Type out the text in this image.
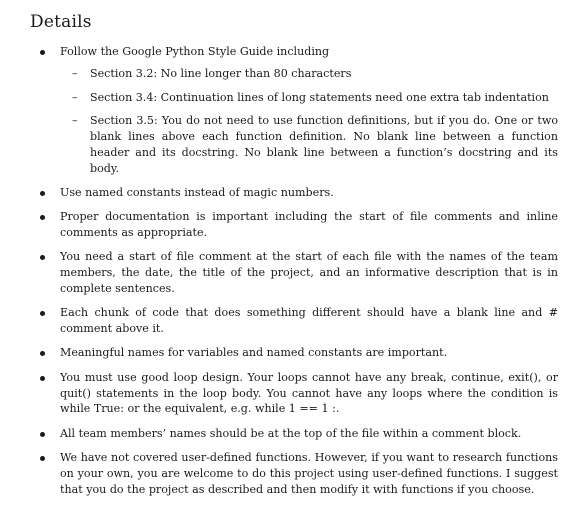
Details
Follow the Google Python Style Guide including
– Section 3.2: No line longer than 80 characters
– Section 3.4: Continuation lines of long statements need one extra tab indentation
– Section 3.5: You do not need to use function definitions, but if you do. One or two blank lines above each function definition. No blank line between a function header and its docstring. No blank line between a function’s docstring and its body.
Use named constants instead of magic numbers.
Proper documentation is important including the start of file comments and inline comments as appropriate.
You need a start of file comment at the start of each file with the names of the team members, the date, the title of the project, and an informative description that is in complete sentences.
Each chunk of code that does something different should have a blank line and # comment above it.
Meaningful names for variables and named constants are important.
You must use good loop design. Your loops cannot have any break, continue, exit(), or quit() statements in the loop body. You cannot have any loops where the condition is while True: or the equivalent, e.g. while 1 == 1 :.
All team members’ names should be at the top of the file within a comment block.
We have not covered user-defined functions. However, if you want to research functions on your own, you are welcome to do this project using user-defined functions. I suggest that you do the project as described and then modify it with functions if you choose.
